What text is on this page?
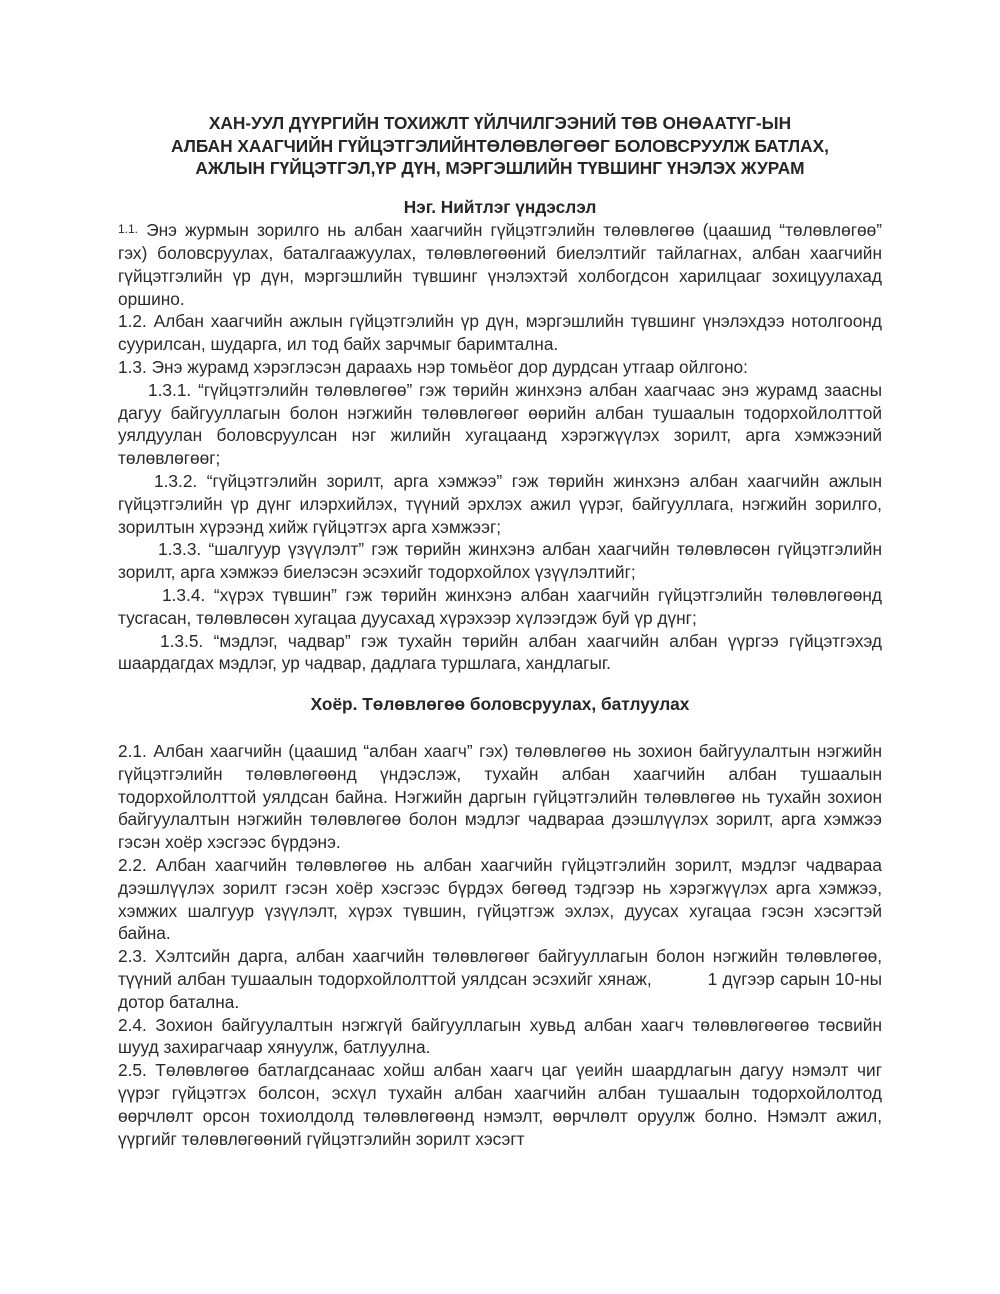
ХАН-УУЛ ДҮҮРГИЙН ТОХИЖЛТ ҮЙЛЧИЛГЭЭНИЙ ТӨВ ОНӨААТҮГ-ЫН
АЛБАН ХААГЧИЙН ГҮЙЦЭТГЭЛИЙНТӨЛӨВЛӨГӨӨГ БОЛОВСРУУЛЖ БАТЛАХ,
АЖЛЫН ГҮЙЦЭТГЭЛ,ҮР ДҮН, МЭРГЭШЛИЙН ТҮВШИНГ ҮНЭЛЭХ ЖУРАМ
Нэг. Нийтлэг үндэслэл

1.1. Энэ журмын зорилго нь албан хаагчийн гүйцэтгэлийн төлөвлөгөө (цаашид “төлөвлөгөө” гэх) боловсруулах, баталгаажуулах, төлөвлөгөөний биелэлтийг тайлагнах, албан хаагчийн гүйцэтгэлийн үр дүн, мэргэшлийн түвшинг үнэлэхтэй холбогдсон харилцааг зохицуулахад оршино.

1.2. Албан хаагчийн ажлын гүйцэтгэлийн үр дүн, мэргэшлийн түвшинг үнэлэхдээ нотолгоонд суурилсан, шударга, ил тод байх зарчмыг баримтална.

1.3. Энэ журамд хэрэглэсэн дараахь нэр томьёог дор дурдсан утгаар ойлгоно:

1.3.1. “гүйцэтгэлийн төлөвлөгөө” гэж төрийн жинхэнэ албан хаагчаас энэ журамд заасны дагуу байгууллагын болон нэгжийн төлөвлөгөөг өөрийн албан тушаалын тодорхойлолттой уялдуулан боловсруулсан нэг жилийн хугацаанд хэрэгжүүлэх зорилт, арга хэмжээний төлөвлөгөөг;

1.3.2. “гүйцэтгэлийн зорилт, арга хэмжээ” гэж төрийн жинхэнэ албан хаагчийн ажлын гүйцэтгэлийн үр дүнг илэрхийлэх, түүний эрхлэх ажил үүрэг, байгууллага, нэгжийн зорилго, зорилтын хүрээнд хийж гүйцэтгэх арга хэмжээг;

1.3.3. “шалгуур үзүүлэлт” гэж төрийн жинхэнэ албан хаагчийн төлөвлөсөн гүйцэтгэлийн зорилт, арга хэмжээ биелэсэн эсэхийг тодорхойлох үзүүлэлтийг;

1.3.4. “хүрэх түвшин” гэж төрийн жинхэнэ албан хаагчийн гүйцэтгэлийн төлөвлөгөөнд тусгасан, төлөвлөсөн хугацаа дуусахад хүрэхээр хүлээгдэж буй үр дүнг;

1.3.5. “мэдлэг, чадвар” гэж тухайн төрийн албан хаагчийн албан үүргээ гүйцэтгэхэд шаардагдах мэдлэг, ур чадвар, дадлага туршлага, хандлагыг.

Хоёр. Төлөвлөгөө боловсруулах, батлуулах

2.1. Албан хаагчийн (цаашид “албан хаагч” гэх) төлөвлөгөө нь зохион байгуулалтын нэгжийн гүйцэтгэлийн төлөвлөгөөнд үндэслэж, тухайн албан хаагчийн албан тушаалын тодорхойлолттой уялдсан байна. Нэгжийн даргын гүйцэтгэлийн төлөвлөгөө нь тухайн зохион байгуулалтын нэгжийн төлөвлөгөө болон мэдлэг чадвараа дээшлүүлэх зорилт, арга хэмжээ гэсэн хоёр хэсгээс бүрдэнэ.

2.2. Албан хаагчийн төлөвлөгөө нь албан хаагчийн гүйцэтгэлийн зорилт, мэдлэг чадвараа дээшлүүлэх зорилт гэсэн хоёр хэсгээс бүрдэх бөгөөд тэдгээр нь хэрэгжүүлэх арга хэмжээ, хэмжих шалгуур үзүүлэлт, хүрэх түвшин, гүйцэтгэж эхлэх, дуусах хугацаа гэсэн хэсэгтэй байна.

2.3. Хэлтсийн дарга, албан хаагчийн төлөвлөгөөг байгууллагын болон нэгжийн төлөвлөгөө, түүний албан тушаалын тодорхойлолттой уялдсан эсэхийг хянаж,	1 дүгээр сарын 10-ны дотор батална.

2.4. Зохион байгуулалтын нэгжгүй байгууллагын хувьд албан хаагч төлөвлөгөөгөө төсвийн шууд захирагчаар хянуулж, батлуулна.

2.5. Төлөвлөгөө батлагдсанаас хойш албан хаагч цаг үеийн шаардлагын дагуу нэмэлт чиг үүрэг гүйцэтгэх болсон, эсхүл тухайн албан хаагчийн албан тушаалын тодорхойлолтод өөрчлөлт орсон тохиолдолд төлөвлөгөөнд нэмэлт, өөрчлөлт оруулж болно. Нэмэлт ажил, үүргийг төлөвлөгөөний гүйцэтгэлийн зорилт хэсэгт
